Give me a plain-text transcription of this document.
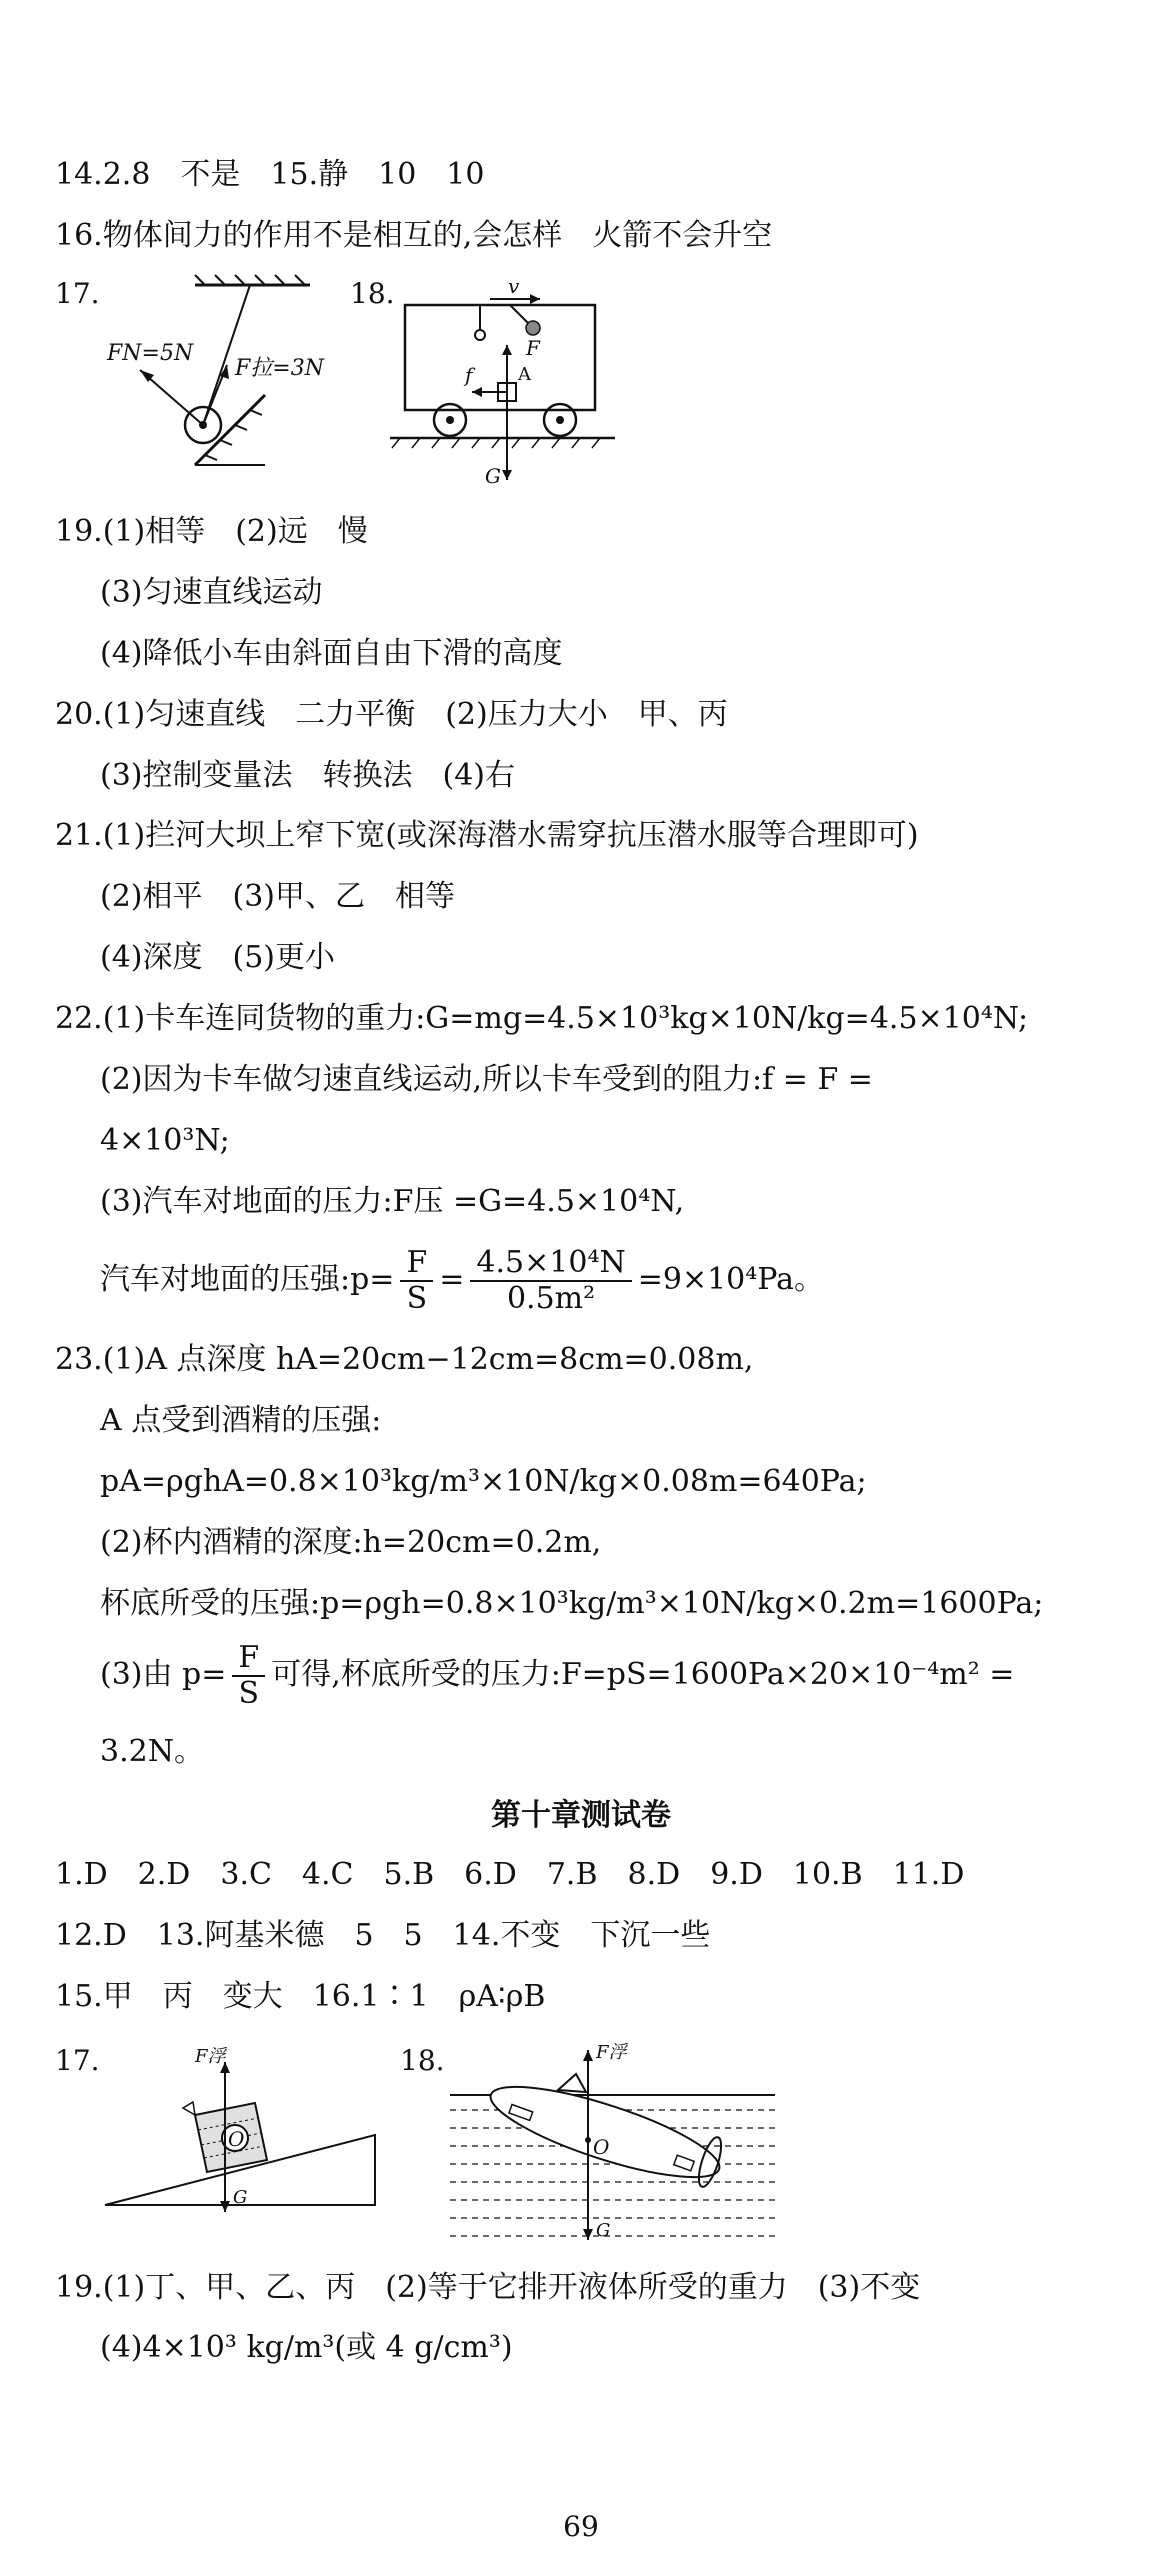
14.2.8　不是　15.静　10　10
16.物体间力的作用不是相互的,会怎样　火箭不会升空
17.
FN=5N
F拉=3N
18.	v
F
A
f
G
19.(1)相等　(2)远　慢
(3)匀速直线运动
(4)降低小车由斜面自由下滑的高度
20.(1)匀速直线　二力平衡　(2)压力大小　甲、丙
(3)控制变量法　转换法　(4)右
21.(1)拦河大坝上窄下宽(或深海潜水需穿抗压潜水服等合理即可)
(2)相平　(3)甲、乙　相等
(4)深度　(5)更小
22.(1)卡车连同货物的重力:G=mg=4.5×10³kg×10N/kg=4.5×10⁴N;
(2)因为卡车做匀速直线运动,所以卡车受到的阻力:f = F =
4×10³N;
(3)汽车对地面的压力:F压 =G=4.5×10⁴N,
汽车对地面的压强:p= $\frac{F}{S} = \frac{\text{4.5×10⁴N}}{\text{0.5m²}} =9\times 10^4Pa$。
23.(1)A 点深度 hA=20cm−12cm=8cm=0.08m,
A 点受到酒精的压强:
pA=ρghA=0.8×10³kg/m³×10N/kg×0.08m=640Pa;
(2)杯内酒精的深度:h=20cm=0.2m,
杯底所受的压强:p=ρgh=0.8×10³kg/m³×10N/kg×0.2m=1600Pa;
(3)由 $p= \frac{F}{S}$ 可得,杯底所受的压力:F=pS=1600Pa×20×10⁻⁴m² =
3.2N。
第十章测试卷
1.D　2.D　3.C　4.C　5.B　6.D　7.B　8.D　9.D　10.B　11.D
12.D　13.阿基米德　5　5　14.不变　下沉一些
15.甲　丙　变大　16.1∶1　ρA∶ρB
17.
O
F浮
G
18.
O
F浮
G
19.(1)丁、甲、乙、丙　(2)等于它排开液体所受的重力　(3)不变
(4)4×10³ kg/m³(或 4 g/cm³)
69
